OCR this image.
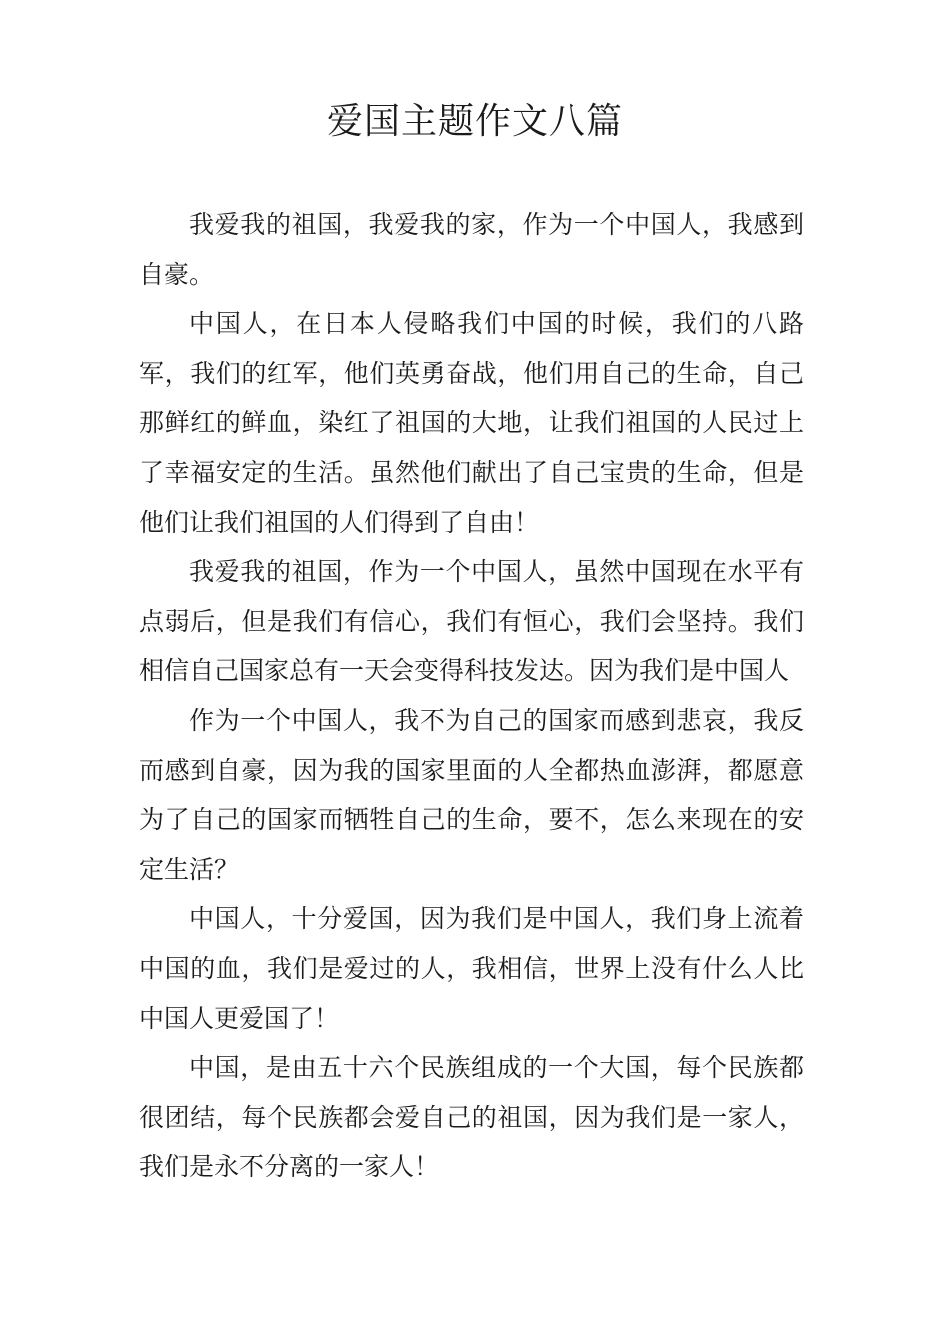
爱国主题作文八篇

我爱我的祖国，我爱我的家，作为一个中国人，我感到自豪。

中国人，在日本人侵略我们中国的时候，我们的八路军，我们的红军，他们英勇奋战，他们用自己的生命，自己那鲜红的鲜血，染红了祖国的大地，让我们祖国的人民过上了幸福安定的生活。虽然他们献出了自己宝贵的生命，但是他们让我们祖国的人们得到了自由！

我爱我的祖国，作为一个中国人，虽然中国现在水平有点弱后，但是我们有信心，我们有恒心，我们会坚持。我们相信自己国家总有一天会变得科技发达。因为我们是中国人

作为一个中国人，我不为自己的国家而感到悲哀，我反而感到自豪，因为我的国家里面的人全都热血澎湃，都愿意为了自己的国家而牺牲自己的生命，要不，怎么来现在的安定生活？

中国人，十分爱国，因为我们是中国人，我们身上流着中国的血，我们是爱过的人，我相信，世界上没有什么人比中国人更爱国了！

中国，是由五十六个民族组成的一个大国，每个民族都很团结，每个民族都会爱自己的祖国，因为我们是一家人，我们是永不分离的一家人！
